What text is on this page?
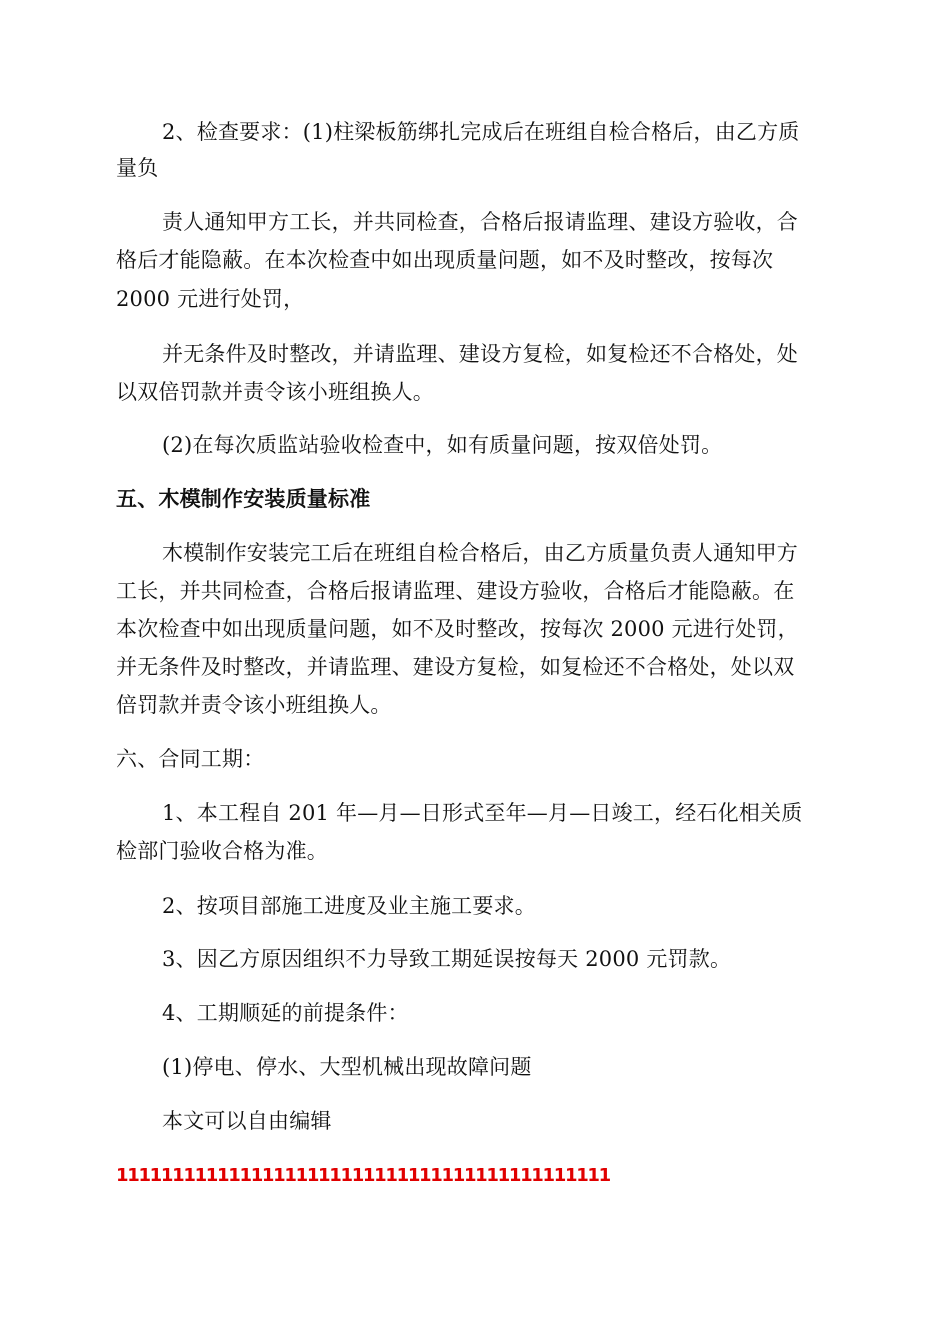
2、检查要求：(1)柱梁板筋绑扎完成后在班组自检合格后，由乙方质
量负
责人通知甲方工长，并共同检查，合格后报请监理、建设方验收，合
格后才能隐蔽。在本次检查中如出现质量问题，如不及时整改，按每次
2000 元进行处罚，
并无条件及时整改，并请监理、建设方复检，如复检还不合格处，处
以双倍罚款并责令该小班组换人。
(2)在每次质监站验收检查中，如有质量问题，按双倍处罚。
五、木模制作安装质量标准
木模制作安装完工后在班组自检合格后，由乙方质量负责人通知甲方
工长，并共同检查，合格后报请监理、建设方验收，合格后才能隐蔽。在
本次检查中如出现质量问题，如不及时整改，按每次 2000 元进行处罚，
并无条件及时整改，并请监理、建设方复检，如复检还不合格处，处以双
倍罚款并责令该小班组换人。
六、合同工期：
1、本工程自 201 年—月—日形式至年—月—日竣工，经石化相关质
检部门验收合格为准。
2、按项目部施工进度及业主施工要求。
3、因乙方原因组织不力导致工期延误按每天 2000 元罚款。
4、工期顺延的前提条件：
(1)停电、停水、大型机械出现故障问题
本文可以自由编辑
11111111111111111111111111111111111111111111
